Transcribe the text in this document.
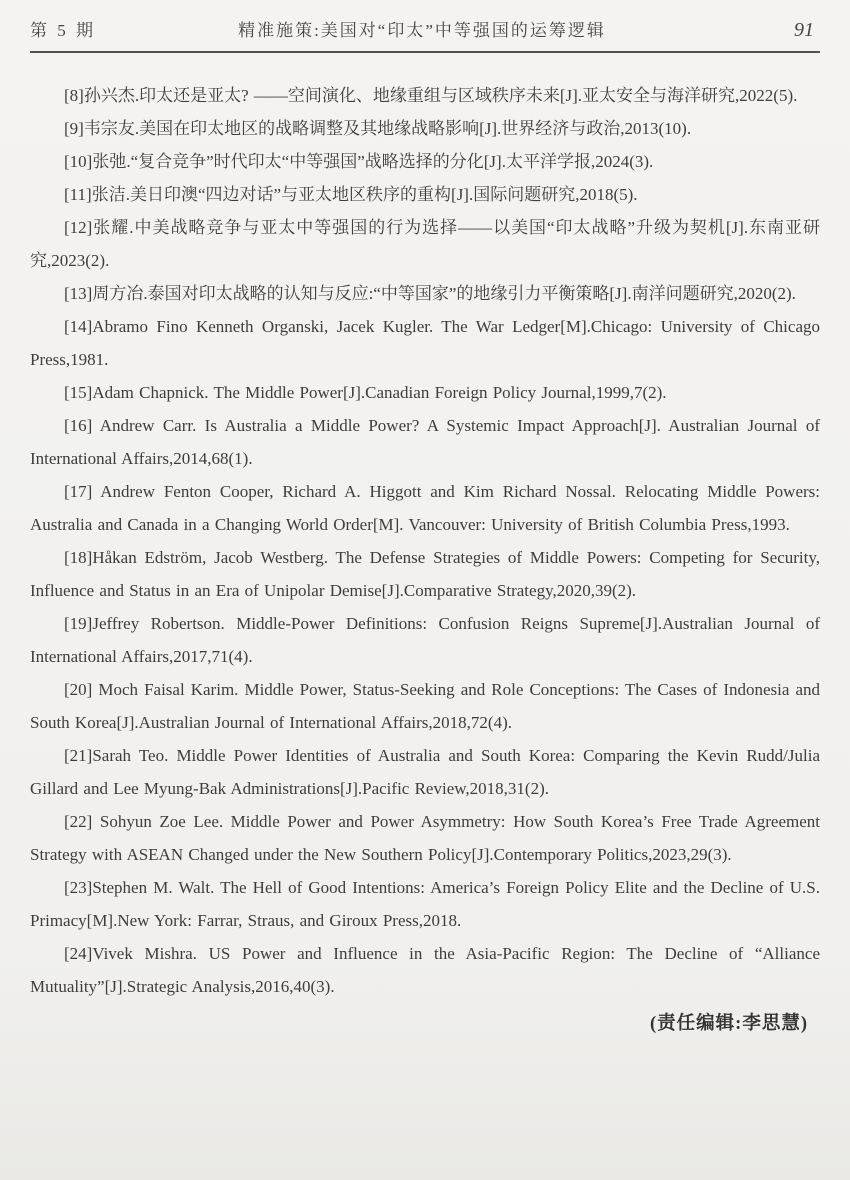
第 5 期	精准施策:美国对“印太”中等强国的运筹逻辑	91

[8]孙兴杰.印太还是亚太? ——空间演化、地缘重组与区域秩序未来[J].亚太安全与海洋研究,2022(5).

[9]韦宗友.美国在印太地区的战略调整及其地缘战略影响[J].世界经济与政治,2013(10).

[10]张弛.“复合竞争”时代印太“中等强国”战略选择的分化[J].太平洋学报,2024(3).

[11]张洁.美日印澳“四边对话”与亚太地区秩序的重构[J].国际问题研究,2018(5).

[12]张耀.中美战略竞争与亚太中等强国的行为选择——以美国“印太战略”升级为契机[J].东南亚研究,2023(2).

[13]周方冶.泰国对印太战略的认知与反应:“中等国家”的地缘引力平衡策略[J].南洋问题研究,2020(2).

[14]Abramo Fino Kenneth Organski, Jacek Kugler. The War Ledger[M].Chicago: University of Chicago Press,1981.

[15]Adam Chapnick. The Middle Power[J].Canadian Foreign Policy Journal,1999,7(2).

[16] Andrew Carr. Is Australia a Middle Power? A Systemic Impact Approach[J]. Australian Journal of International Affairs,2014,68(1).

[17] Andrew Fenton Cooper, Richard A. Higgott and Kim Richard Nossal. Relocating Middle Powers: Australia and Canada in a Changing World Order[M]. Vancouver: University of British Columbia Press,1993.

[18]Håkan Edström, Jacob Westberg. The Defense Strategies of Middle Powers: Competing for Security, Influence and Status in an Era of Unipolar Demise[J].Comparative Strategy,2020,39(2).

[19]Jeffrey Robertson. Middle-Power Definitions: Confusion Reigns Supreme[J].Australian Journal of International Affairs,2017,71(4).

[20] Moch Faisal Karim. Middle Power, Status-Seeking and Role Conceptions: The Cases of Indonesia and South Korea[J].Australian Journal of International Affairs,2018,72(4).

[21]Sarah Teo. Middle Power Identities of Australia and South Korea: Comparing the Kevin Rudd/Julia Gillard and Lee Myung-Bak Administrations[J].Pacific Review,2018,31(2).

[22] Sohyun Zoe Lee. Middle Power and Power Asymmetry: How South Korea’s Free Trade Agreement Strategy with ASEAN Changed under the New Southern Policy[J].Contemporary Politics,2023,29(3).

[23]Stephen M. Walt. The Hell of Good Intentions: America’s Foreign Policy Elite and the Decline of U.S. Primacy[M].New York: Farrar, Straus, and Giroux Press,2018.

[24]Vivek Mishra. US Power and Influence in the Asia-Pacific Region: The Decline of “Alliance Mutuality”[J].Strategic Analysis,2016,40(3).

(责任编辑:李思慧)
